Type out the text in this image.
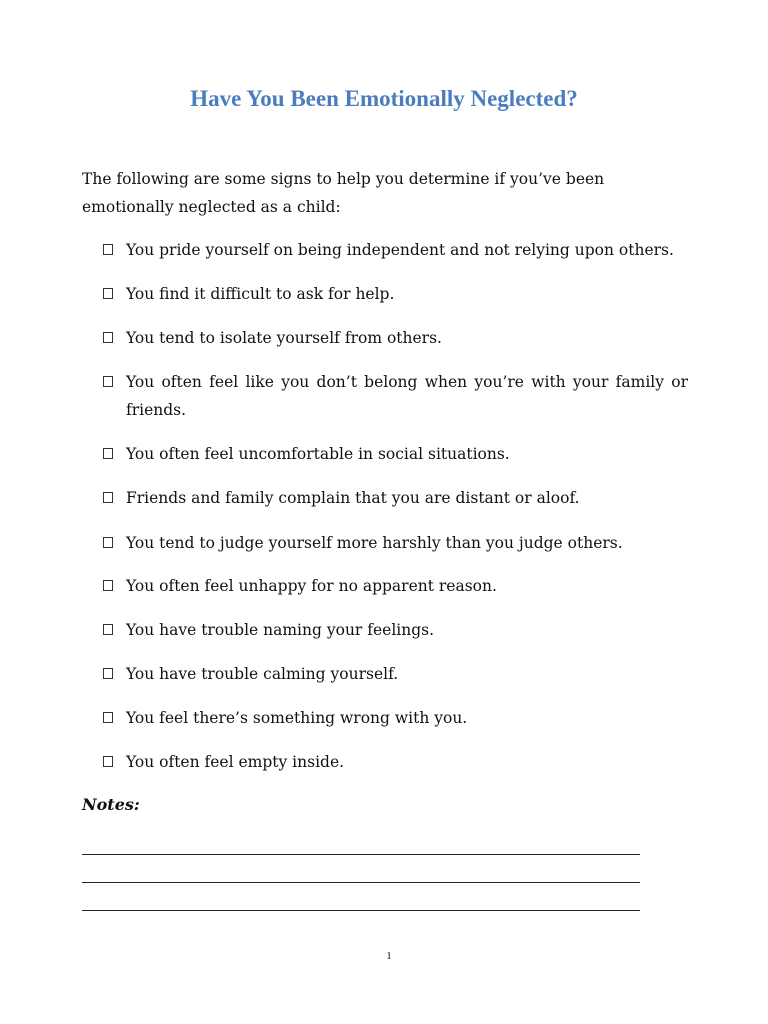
Have You Been Emotionally Neglected?

The following are some signs to help you determine if you’ve been emotionally neglected as a child:

You pride yourself on being independent and not relying upon others.
You find it difficult to ask for help.
You tend to isolate yourself from others.
You often feel like you don’t belong when you’re with your family or friends.
You often feel uncomfortable in social situations.
Friends and family complain that you are distant or aloof.
You tend to judge yourself more harshly than you judge others.
You often feel unhappy for no apparent reason.
You have trouble naming your feelings.
You have trouble calming yourself.
You feel there’s something wrong with you.
You often feel empty inside.

Notes:

1
